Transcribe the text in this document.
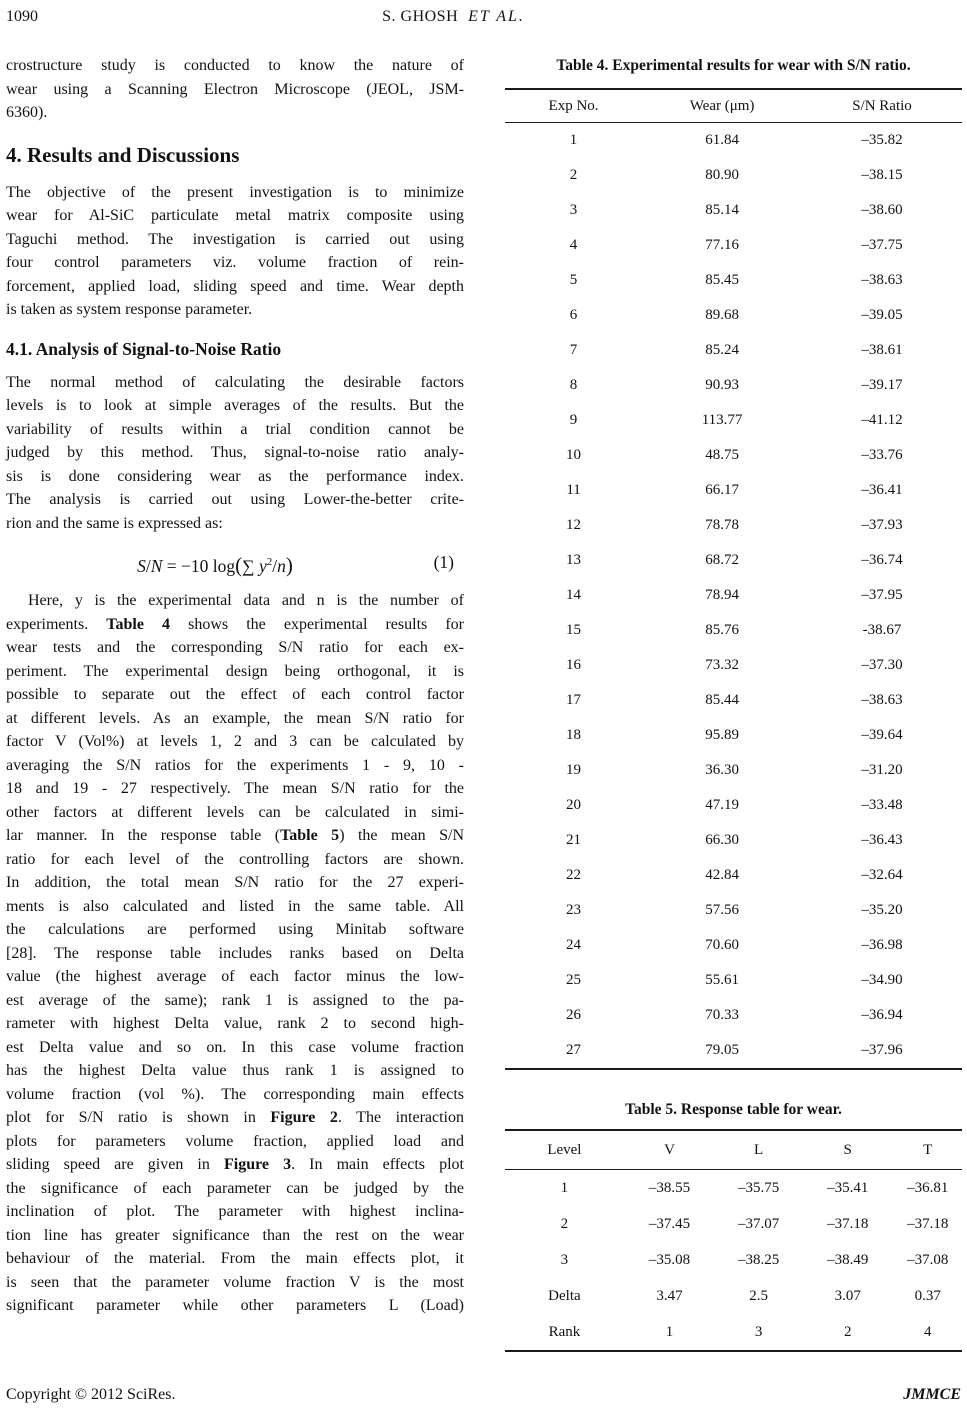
1090	S. GHOSH ET AL.
crostructure study is conducted to know the nature of
wear using a Scanning Electron Microscope (JEOL, JSM-
6360).
4. Results and Discussions
The objective of the present investigation is to minimize
wear for Al-SiC particulate metal matrix composite using
Taguchi method. The investigation is carried out using
four control parameters viz. volume fraction of rein-
forcement, applied load, sliding speed and time. Wear depth
is taken as system response parameter.
4.1. Analysis of Signal-to-Noise Ratio
The normal method of calculating the desirable factors
levels is to look at simple averages of the results. But the
variability of results within a trial condition cannot be
judged by this method. Thus, signal-to-noise ratio analy-
sis is done considering wear as the performance index.
The analysis is carried out using Lower-the-better crite-
rion and the same is expressed as:
S/N = −10 log(∑ $y^2/n$)	(1)
Here, y is the experimental data and n is the number of
experiments. Table 4 shows the experimental results for
wear tests and the corresponding S/N ratio for each ex-
periment. The experimental design being orthogonal, it is
possible to separate out the effect of each control factor
at different levels. As an example, the mean S/N ratio for
factor V (Vol%) at levels 1, 2 and 3 can be calculated by
averaging the S/N ratios for the experiments 1 - 9, 10 -
18 and 19 - 27 respectively. The mean S/N ratio for the
other factors at different levels can be calculated in simi-
lar manner. In the response table (Table 5) the mean S/N
ratio for each level of the controlling factors are shown.
In addition, the total mean S/N ratio for the 27 experi-
ments is also calculated and listed in the same table. All
the calculations are performed using Minitab software
[28]. The response table includes ranks based on Delta
value (the highest average of each factor minus the low-
est average of the same); rank 1 is assigned to the pa-
rameter with highest Delta value, rank 2 to second high-
est Delta value and so on. In this case volume fraction
has the highest Delta value thus rank 1 is assigned to
volume fraction (vol %). The corresponding main effects
plot for S/N ratio is shown in Figure 2. The interaction
plots for parameters volume fraction, applied load and
sliding speed are given in Figure 3. In main effects plot
the significance of each parameter can be judged by the
inclination of plot. The parameter with highest inclina-
tion line has greater significance than the rest on the wear
behaviour of the material. From the main effects plot, it
is seen that the parameter volume fraction V is the most
significant parameter while other parameters L (Load)
Table 4. Experimental results for wear with S/N ratio.
Exp No.	Wear (μm)	S/N Ratio
1	61.84	–35.82
2	80.90	–38.15
3	85.14	–38.60
4	77.16	–37.75
5	85.45	–38.63
6	89.68	–39.05
7	85.24	–38.61
8	90.93	–39.17
9	113.77	–41.12
10	48.75	–33.76
11	66.17	–36.41
12	78.78	–37.93
13	68.72	–36.74
14	78.94	–37.95
15	85.76	-38.67
16	73.32	–37.30
17	85.44	–38.63
18	95.89	–39.64
19	36.30	–31.20
20	47.19	–33.48
21	66.30	–36.43
22	42.84	–32.64
23	57.56	–35.20
24	70.60	–36.98
25	55.61	–34.90
26	70.33	–36.94
27	79.05	–37.96
Table 5. Response table for wear.
Level	V	L	S	T
1	–38.55	–35.75	–35.41	–36.81
2	–37.45	–37.07	–37.18	–37.18
3	–35.08	–38.25	–38.49	–37.08
Delta	3.47	2.5	3.07	0.37
Rank	1	3	2	4
Copyright © 2012 SciRes.	JMMCE
